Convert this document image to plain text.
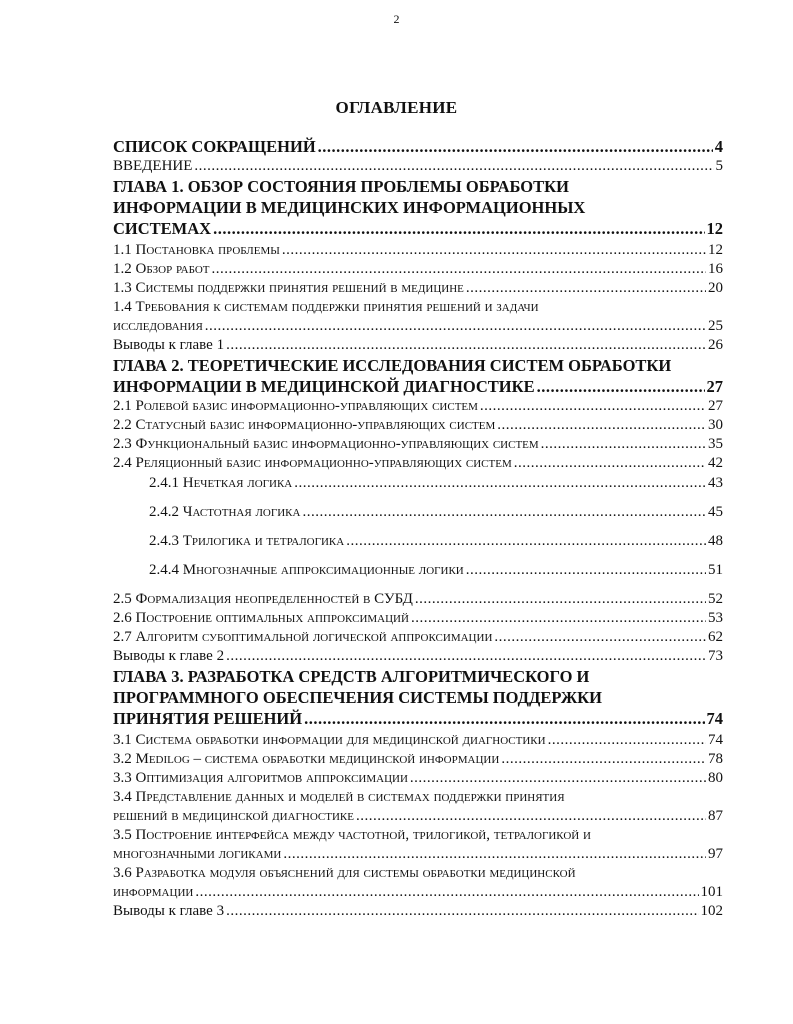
2
ОГЛАВЛЕНИЕ
СПИСОК СОКРАЩЕНИЙ .....	4
ВВЕДЕНИЕ .....	5
ГЛАВА 1. ОБЗОР СОСТОЯНИЯ ПРОБЛЕМЫ ОБРАБОТКИ
ИНФОРМАЦИИ В МЕДИЦИНСКИХ ИНФОРМАЦИОННЫХ
СИСТЕМАХ .....	12
1.1 Постановка проблемы .....	12
1.2 Обзор работ .....	16
1.3 Системы поддержки принятия решений в медицине .....	20
1.4 Требования к системам поддержки принятия решений и задачи
исследования .....	25
Выводы к главе 1 .....	26
ГЛАВА 2. ТЕОРЕТИЧЕСКИЕ ИССЛЕДОВАНИЯ СИСТЕМ ОБРАБОТКИ
ИНФОРМАЦИИ В МЕДИЦИНСКОЙ ДИАГНОСТИКЕ .....	27
2.1 Ролевой базис информационно-управляющих систем .....	27
2.2 Статусный базис информационно-управляющих систем .....	30
2.3 Функциональный базис информационно-управляющих систем .....	35
2.4 Реляционный базис информационно-управляющих систем .....	42
2.4.1 Нечеткая логика .....	43
2.4.2 Частотная логика .....	45
2.4.3 Трилогика и тетралогика .....	48
2.4.4 Многозначные аппроксимационные логики .....	51
2.5 Формализация неопределенностей в СУБД .....	52
2.6 Построение оптимальных аппроксимаций .....	53
2.7 Алгоритм субоптимальной логической аппроксимации .....	62
Выводы к главе 2 .....	73
ГЛАВА 3. РАЗРАБОТКА СРЕДСТВ АЛГОРИТМИЧЕСКОГО И
ПРОГРАММНОГО ОБЕСПЕЧЕНИЯ СИСТЕМЫ ПОДДЕРЖКИ
ПРИНЯТИЯ РЕШЕНИЙ .....	74
3.1 Система обработки информации для медицинской диагностики .....	74
3.2 Medilog – система обработки медицинской информации .....	78
3.3 Оптимизация алгоритмов аппроксимации .....	80
3.4 Представление данных и моделей в системах поддержки принятия
решений в медицинской диагностике .....	87
3.5 Построение интерфейса между частотной, трилогикой, тетралогикой и
многозначными логиками .....	97
3.6 Разработка модуля объяснений для системы обработки медицинской
информации .....	101
Выводы к главе 3 .....	102
